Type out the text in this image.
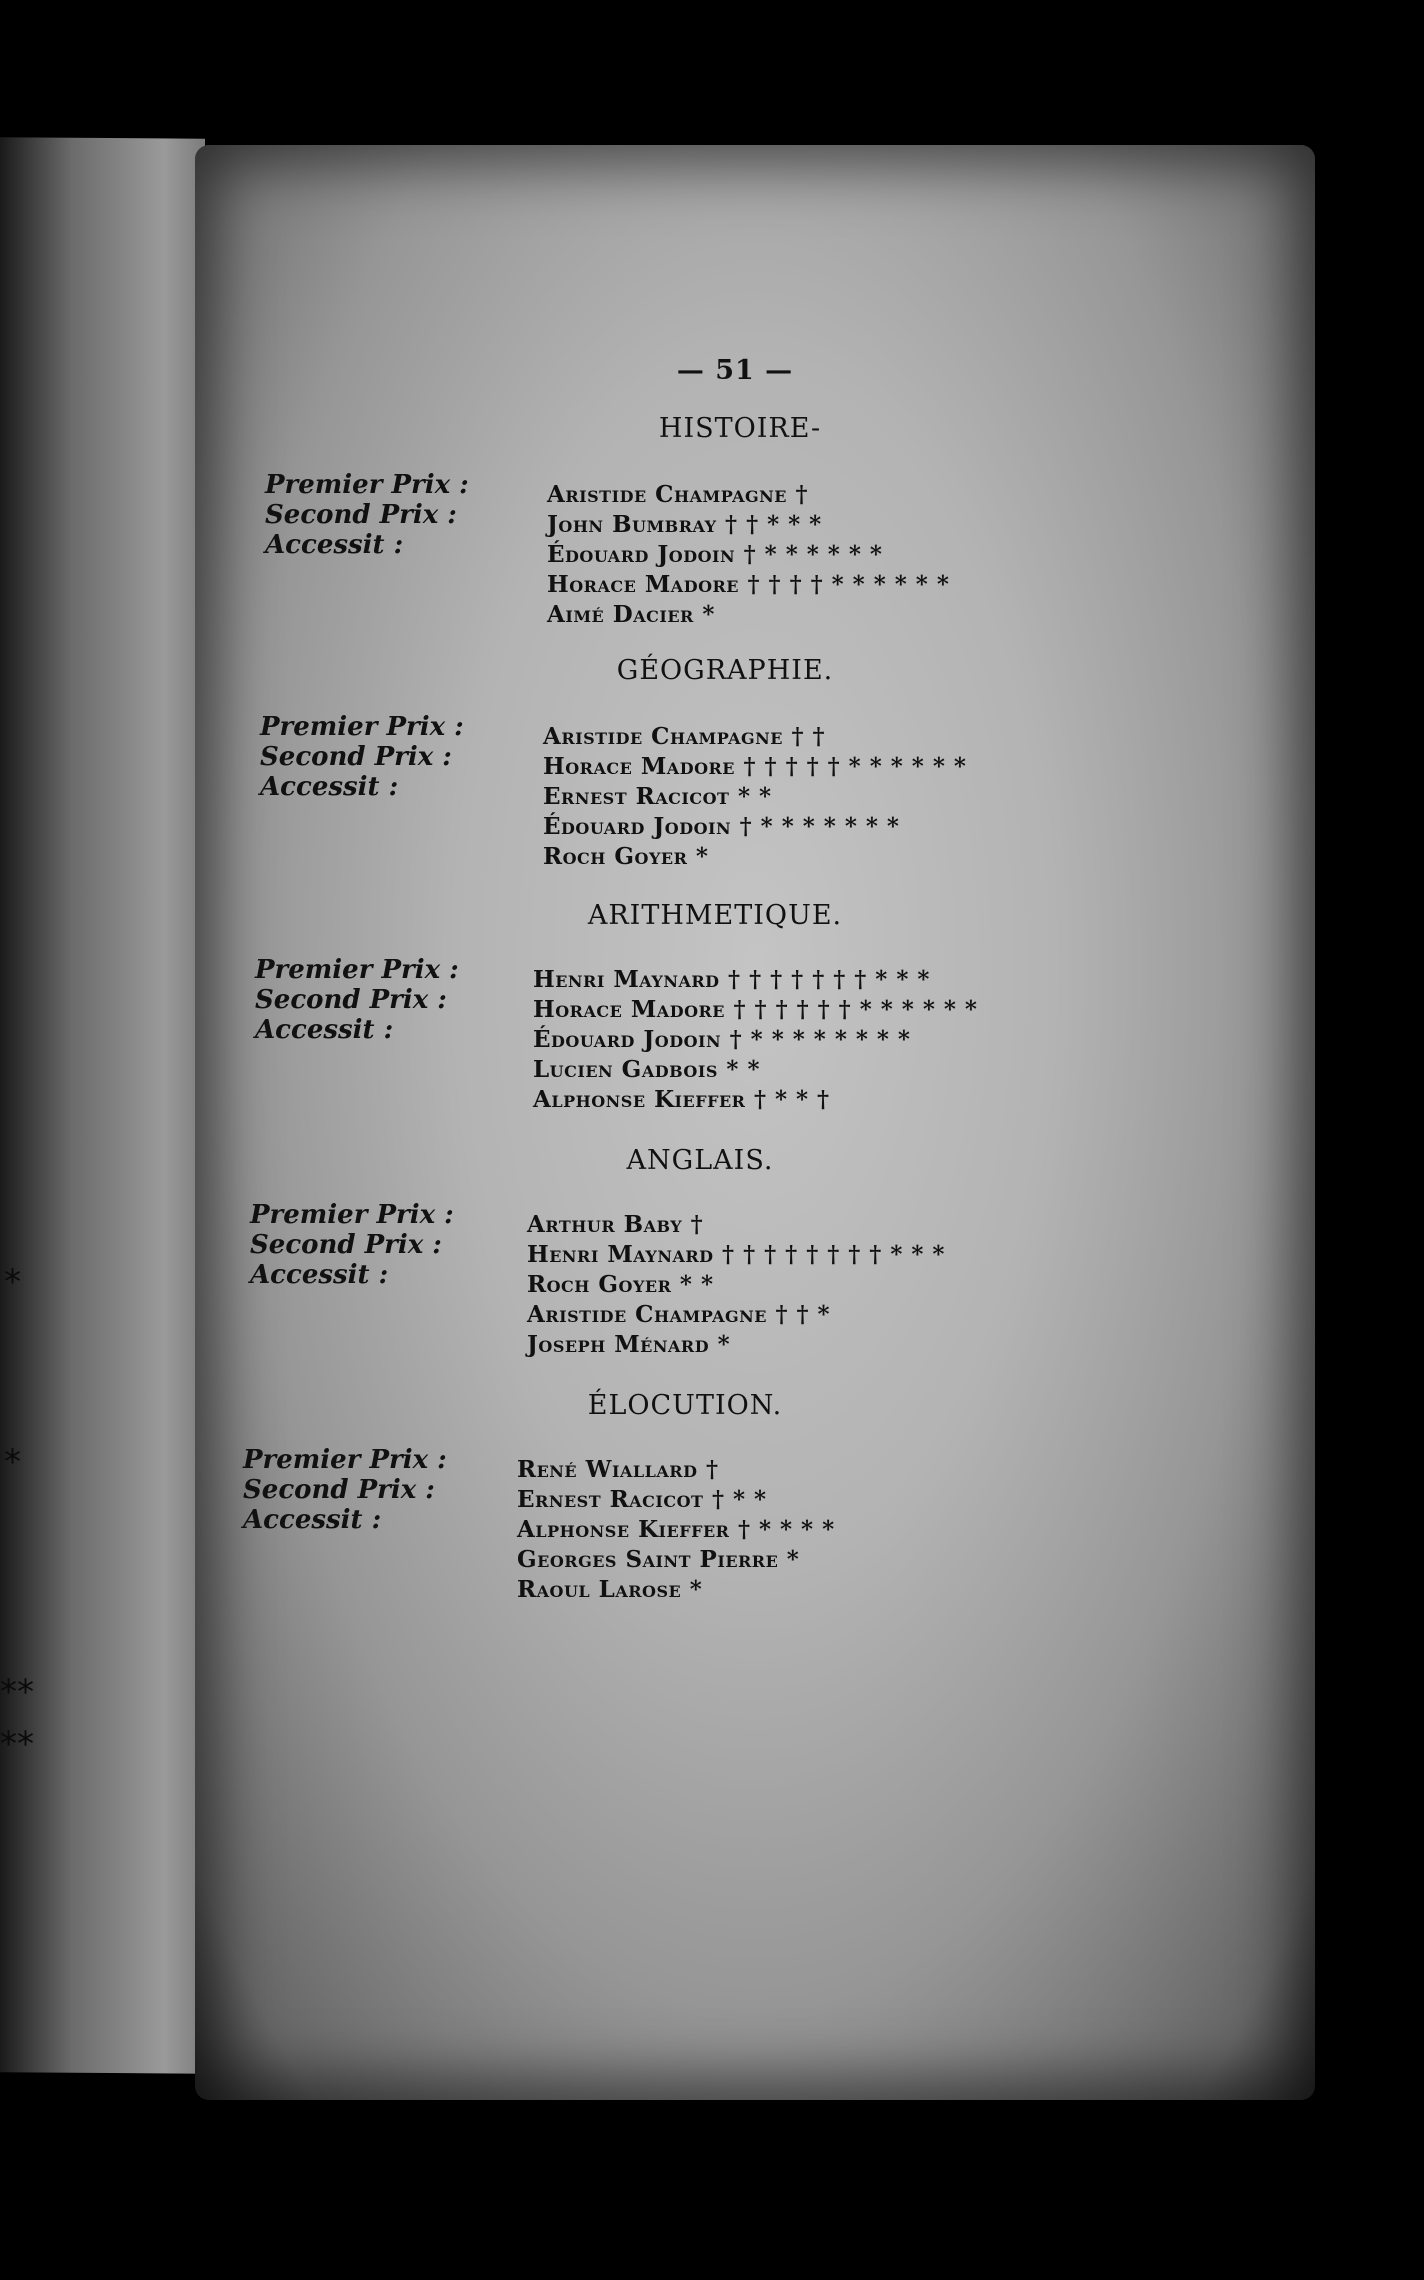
*
*
**
**
— 51 —
HISTOIRE-
Premier Prix :
Second Prix :
Accessit :
Aristide Champagne †
John Bumbray † † * * *
Édouard Jodoin † * * * * * *
Horace Madore † † † † * * * * * *
Aimé Dacier *
GÉOGRAPHIE.
Premier Prix :
Second Prix :
Accessit :
Aristide Champagne † †
Horace Madore † † † † † * * * * * *
Ernest Racicot * *
Édouard Jodoin † * * * * * * *
Roch Goyer *
ARITHMETIQUE.
Premier Prix :
Second Prix :
Accessit :
Henri Maynard † † † † † † † * * *
Horace Madore † † † † † † * * * * * *
Édouard Jodoin † * * * * * * * *
Lucien Gadbois * *
Alphonse Kieffer † * * †
ANGLAIS.
Premier Prix :
Second Prix :
Accessit :
Arthur Baby †
Henri Maynard † † † † † † † † * * *
Roch Goyer * *
Aristide Champagne † † *
Joseph Ménard *
ÉLOCUTION.
Premier Prix :
Second Prix :
Accessit :
René Wiallard †
Ernest Racicot † * *
Alphonse Kieffer † * * * *
Georges Saint Pierre *
Raoul Larose *
